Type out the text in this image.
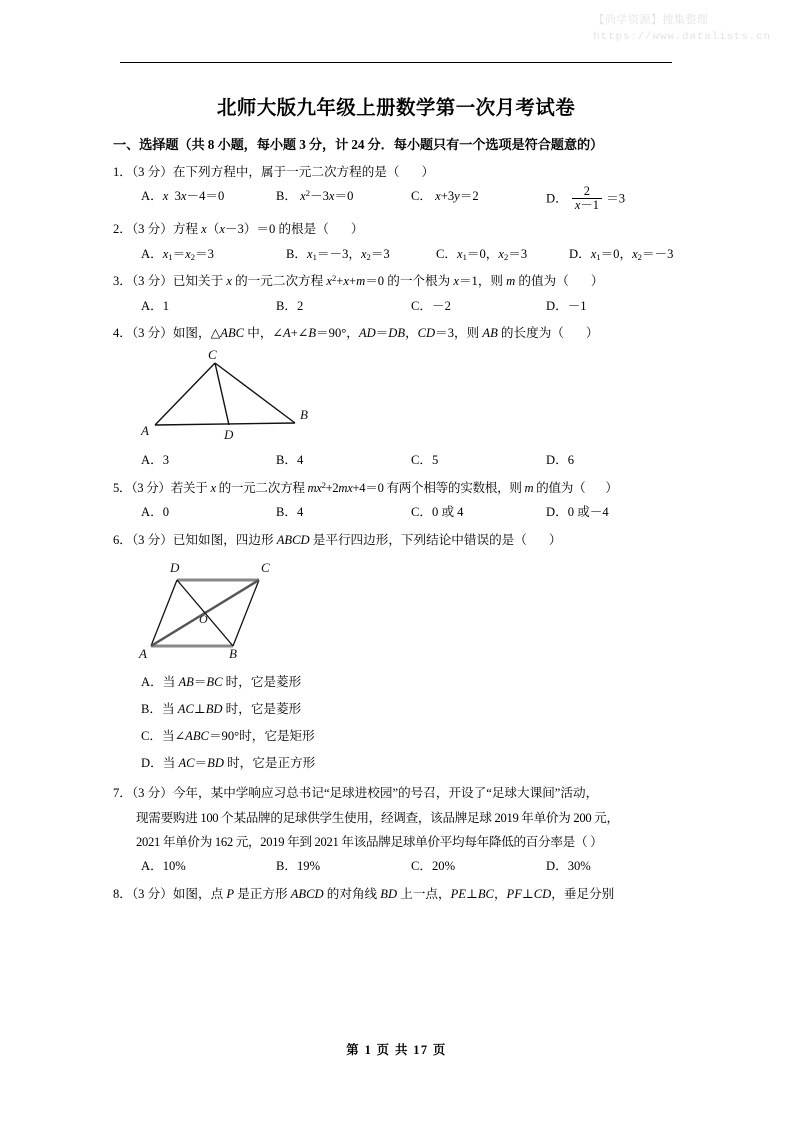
【尚学资源】搜集整理
https://www.datalists.cn
北师大版九年级上册数学第一次月考试卷
一、选择题（共 8 小题，每小题 3 分，计 24 分．每小题只有一个选项是符合题意的）

1．（3 分）在下列方程中，属于一元二次方程的是（ ）

A．x 3x－4＝0	B． $x^2-3x=0$	C． x+3y＝2	D． $\frac{2}{x-1} =3$

2．（3 分）方程 x（x－3）＝0 的根是（ ）

A．$x_1=x_2=3$	B．$x_1=-3$，$x_2=3$	C．$x_1=0$，$x_2=3$	D．$x_1=0$，$x_2=-3$

3．（3 分）已知关于 x 的一元二次方程 $x^2+x+m=0$ 的一个根为 x＝1，则 m 的值为（ ）

A．1	B．2	C．－2	D．－1

4．（3 分）如图，△ABC 中，∠A+∠B＝90°，AD＝DB，CD＝3，则 AB 的长度为（ ）

A
B
C
D
A．3	B．4	C．5	D．6

5．（3 分）若关于 x 的一元二次方程 $mx^2+2mx+4=0$ 有两个相等的实数根，则 m 的值为（ ）

A．0	B．4	C．0 或 4	D．0 或－4

6．（3 分）已知如图，四边形 ABCD 是平行四边形，下列结论中错误的是（ ）

A	B
C
D
O
A．当 AB＝BC 时，它是菱形
B．当 AC⊥BD 时，它是菱形
C．当∠ABC＝90°时，它是矩形
D．当 AC＝BD 时，它是正方形

7．（3 分）今年，某中学响应习总书记“足球进校园”的号召，开设了“足球大课间”活动，

现需要购进 100 个某品牌的足球供学生使用，经调查，该品牌足球 2019 年单价为 200 元，

2021 年单价为 162 元，2019 年到 2021 年该品牌足球单价平均每年降低的百分率是（ ）

A．10%	B．19%	C．20%	D．30%

8．（3 分）如图，点 P 是正方形 ABCD 的对角线 BD 上一点，PE⊥BC，PF⊥CD，垂足分别

第 1 页 共 17 页
